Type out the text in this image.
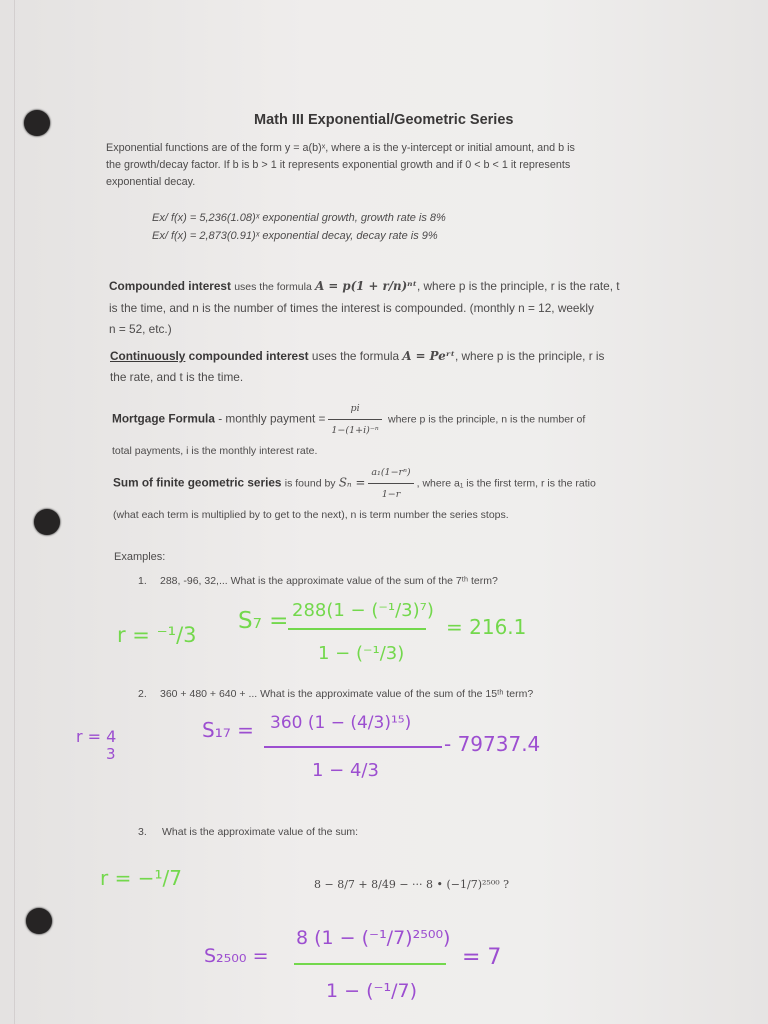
Math III Exponential/Geometric Series
Exponential functions are of the form y = a(b)ˣ, where a is the y-intercept or initial amount, and b is
the growth/decay factor. If b is b > 1 it represents exponential growth and if 0 < b < 1 it represents
exponential decay.
Ex/ f(x) = 5,236(1.08)ˣ exponential growth, growth rate is 8%
Ex/ f(x) = 2,873(0.91)ˣ exponential decay, decay rate is 9%
Compounded interest uses the formula A = p(1 + r/n)ⁿᵗ, where p is the principle, r is the rate, t
is the time, and n is the number of times the interest is compounded. (monthly n = 12, weekly
n = 52, etc.)
Continuously compounded interest uses the formula A = Peʳᵗ, where p is the principle, r is
the rate, and t is the time.
Mortgage Formula - monthly payment = $\frac{pi}{\text{1−(1+i)⁻ⁿ}}$ where p is the principle, n is the number of
total payments, i is the monthly interest rate.
Sum of finite geometric series is found by $S_n = \frac{\text{a₁(1−rⁿ)}}{1-r}$ , where a₁ is the first term, r is the ratio
(what each term is multiplied by to get to the next), n is term number the series stops.
Examples:
1. 288, -96, 32,... What is the approximate value of the sum of the 7ᵗʰ term?
2. 360 + 480 + 640 + ... What is the approximate value of the sum of the 15ᵗʰ term?
3. What is the approximate value of the sum:
8 − 8/7 + 8/49 − ··· 8 • (−1/7)²⁵⁰⁰ ?
r = ⁻¹/3
S₇ = 288(1 − (⁻¹/3)⁷)
1 − (⁻¹/3)
= 216.1
r = 4
3
S₁₇ = 360 (1 − (4/3)¹⁵)
1 − 4/3
- 79737.4
r = −¹/7
S₂₅₀₀ =
8 (1 − (⁻¹/7)²⁵⁰⁰)
1 − (⁻¹/7)
= 7
